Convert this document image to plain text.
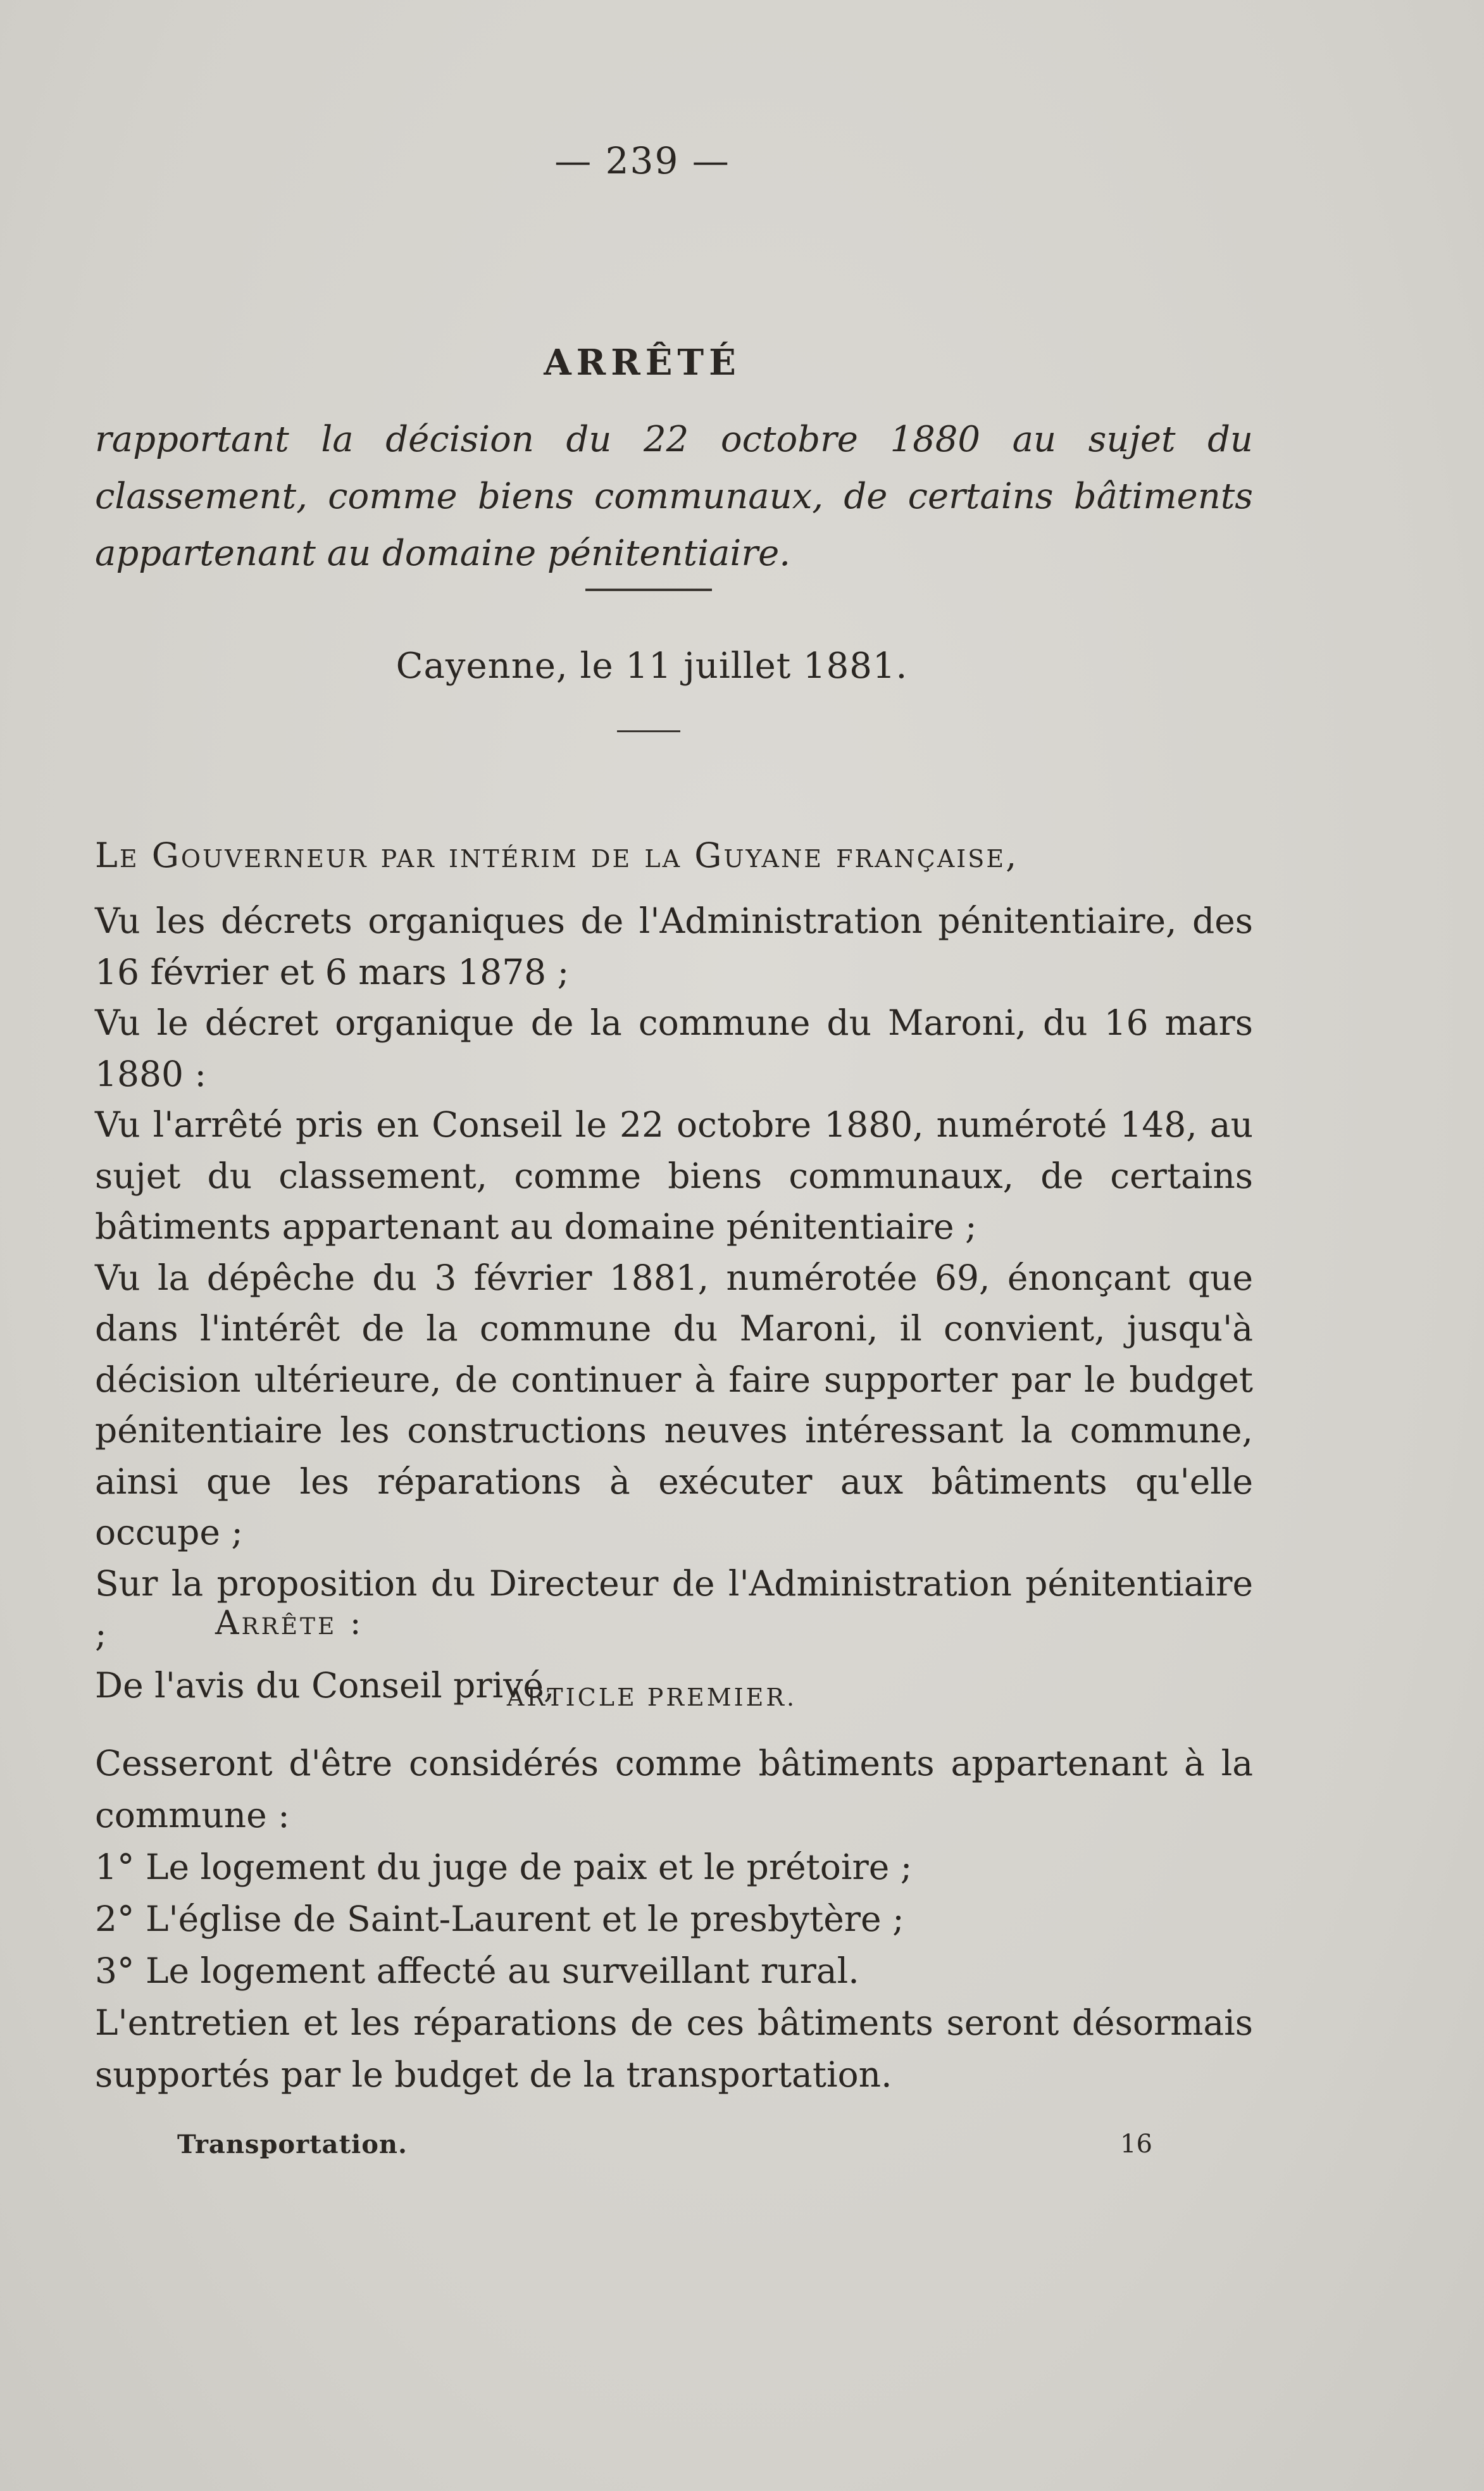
— 239 —
ARRÊTÉ
rapportant la décision du 22 octobre 1880 au sujet du classement, comme biens communaux, de certains bâtiments appartenant au domaine pénitentiaire.
Cayenne, le 11 juillet 1881.
Le Gouverneur par intérim de la Guyane française,

Vu les décrets organiques de l'Administration pénitentiaire, des 16 février et 6 mars 1878 ;

Vu le décret organique de la commune du Maroni, du 16 mars 1880 :

Vu l'arrêté pris en Conseil le 22 octobre 1880, numéroté 148, au sujet du classement, comme biens communaux, de certains bâtiments appartenant au domaine pénitentiaire ;

Vu la dépêche du 3 février 1881, numérotée 69, énonçant que dans l'intérêt de la commune du Maroni, il convient, jusqu'à décision ultérieure, de continuer à faire supporter par le budget pénitentiaire les constructions neuves intéressant la commune, ainsi que les réparations à exécuter aux bâtiments qu'elle occupe ;

Sur la proposition du Directeur de l'Administration pénitentiaire ;

De l'avis du Conseil privé,

Arrête :
ARTICLE PREMIER.

Cesseront d'être considérés comme bâtiments appartenant à la commune :

1° Le logement du juge de paix et le prétoire ;

2° L'église de Saint-Laurent et le presbytère ;

3° Le logement affecté au surveillant rural.

L'entretien et les réparations de ces bâtiments seront désormais supportés par le budget de la transportation.

Transportation.	16
